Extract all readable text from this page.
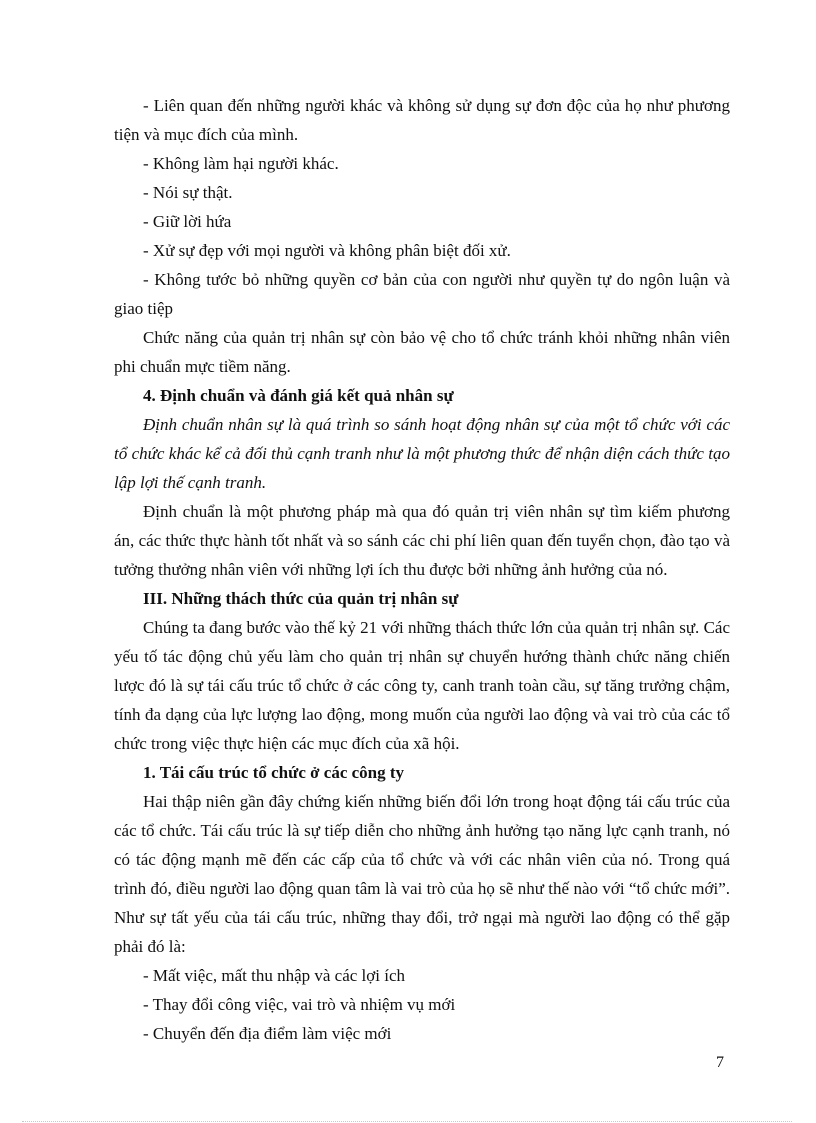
- Liên quan đến những người khác và không sử dụng sự đơn độc của họ như phương tiện và mục đích của mình.

- Không làm hại người khác.

- Nói sự thật.

- Giữ lời hứa

- Xử sự đẹp với mọi người và không phân biệt đối xử.

- Không tước bỏ những quyền cơ bản của con người như quyền tự do ngôn luận và giao tiệp

Chức năng của quản trị nhân sự còn bảo vệ cho tổ chức tránh khỏi những nhân viên phi chuẩn mực tiềm năng.

4. Định chuẩn và đánh giá kết quả nhân sự

Định chuẩn nhân sự là quá trình so sánh hoạt động nhân sự của một tổ chức với các tổ chức khác kể cả đối thủ cạnh tranh như là một phương thức để nhận diện cách thức tạo lập lợi thế cạnh tranh.

Định chuẩn là một phương pháp mà qua đó quản trị viên nhân sự tìm kiếm phương án, các thức thực hành tốt nhất và so sánh các chi phí liên quan đến tuyển chọn, đào tạo và tưởng thưởng nhân viên với những lợi ích thu được bởi những ảnh hưởng của nó.

III. Những thách thức của quản trị nhân sự

Chúng ta đang bước vào thế kỷ 21 với những thách thức lớn của quản trị nhân sự. Các yếu tố tác động chủ yếu làm cho quản trị nhân sự chuyển hướng thành chức năng chiến lược đó là sự tái cấu trúc tổ chức ở các công ty, canh tranh toàn cầu, sự tăng trưởng chậm, tính đa dạng của lực lượng lao động, mong muốn của người lao động và vai trò của các tổ chức trong việc thực hiện các mục đích của xã hội.

1. Tái cấu trúc tổ chức ở các công ty

Hai thập niên gần đây chứng kiến những biến đổi lớn trong hoạt động tái cấu trúc của các tổ chức. Tái cấu trúc là sự tiếp diễn cho những ảnh hưởng tạo năng lực cạnh tranh, nó có tác động mạnh mẽ đến các cấp của tổ chức và với các nhân viên của nó. Trong quá trình đó, điều người lao động quan tâm là vai trò của họ sẽ như thế nào với “tổ chức mới”. Như sự tất yếu của tái cấu trúc, những thay đổi, trở ngại mà người lao động có thể gặp phải đó là:

- Mất việc, mất thu nhập và các lợi ích

- Thay đổi công việc, vai trò và nhiệm vụ mới

- Chuyển đến địa điểm làm việc mới

7
